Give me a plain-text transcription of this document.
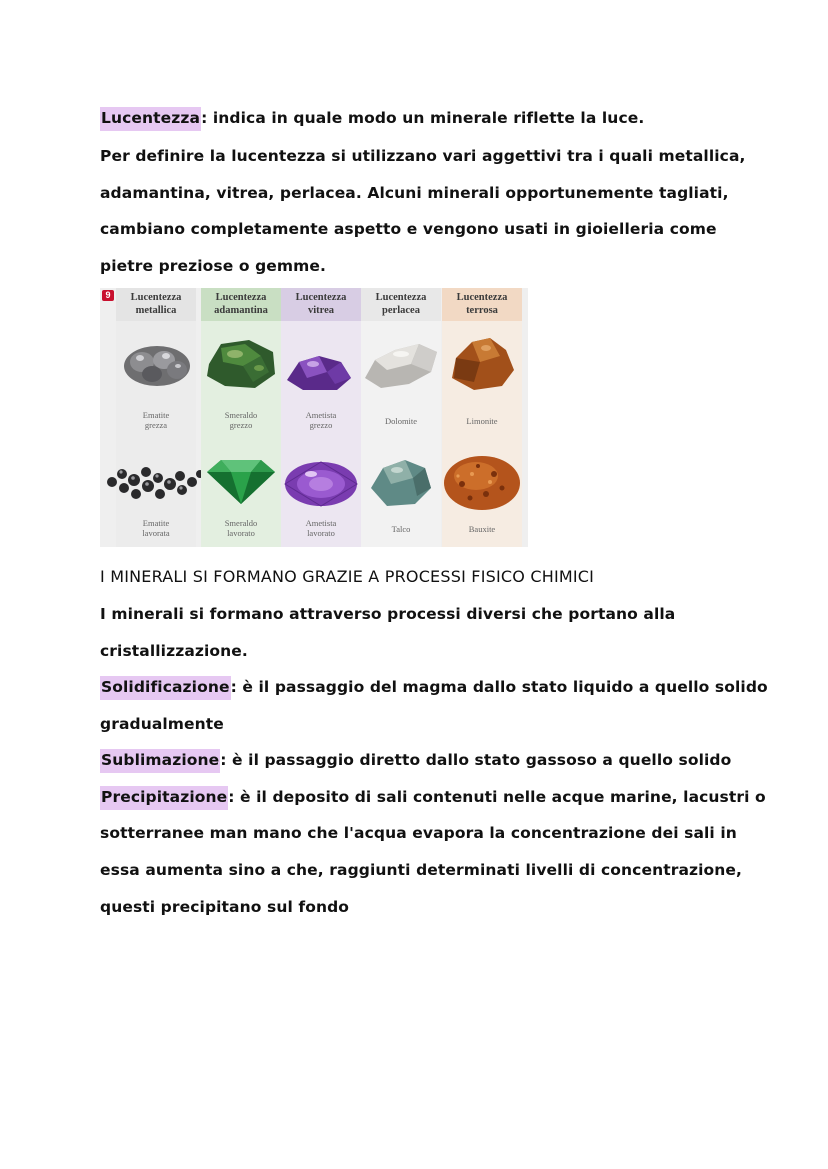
Lucentezza: indica in quale modo un minerale riflette la luce.
Per definire la lucentezza si utilizzano vari aggettivi tra i quali metallica,
adamantina, vitrea, perlacea. Alcuni minerali opportunemente tagliati,
cambiano completamente aspetto e vengono usati in gioielleria come
pietre preziose o gemme.
Lucentezza
metallica
Ematite
grezza
Ematite
lavorata
Lucentezza
adamantina
Smeraldo
grezzo
Smeraldo
lavorato
Lucentezza
vitrea
Ametista
grezzo
Ametista
lavorato
Lucentezza
perlacea
Dolomite
Talco
Lucentezza
terrosa
Limonite
Bauxite
9
I MINERALI SI FORMANO GRAZIE A PROCESSI FISICO CHIMICI
I minerali si formano attraverso processi diversi che portano alla
cristallizzazione.
Solidificazione: è il passaggio del magma dallo stato liquido a quello solido
gradualmente
Sublimazione: è il passaggio diretto dallo stato gassoso a quello solido
Precipitazione: è il deposito di sali contenuti nelle acque marine, lacustri o
sotterranee man mano che l'acqua evapora la concentrazione dei sali in
essa aumenta sino a che, raggiunti determinati livelli di concentrazione,
questi precipitano sul fondo
